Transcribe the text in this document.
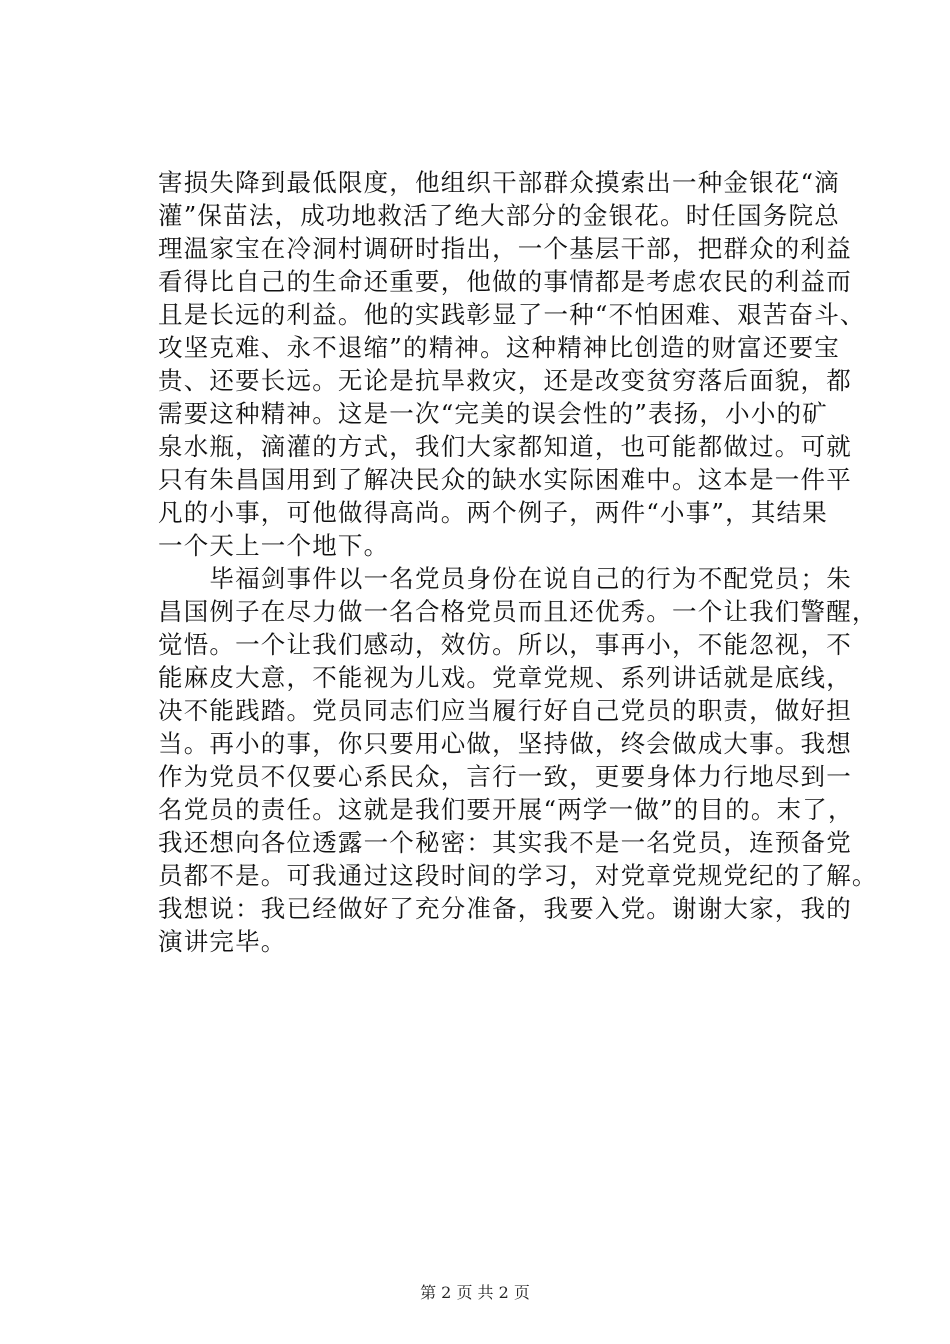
害损失降到最低限度，他组织干部群众摸索出一种金银花“滴
灌”保苗法，成功地救活了绝大部分的金银花。时任国务院总
理温家宝在冷洞村调研时指出，一个基层干部，把群众的利益
看得比自己的生命还重要，他做的事情都是考虑农民的利益而
且是长远的利益。他的实践彰显了一种“不怕困难、艰苦奋斗、
攻坚克难、永不退缩”的精神。这种精神比创造的财富还要宝
贵、还要长远。无论是抗旱救灾，还是改变贫穷落后面貌，都
需要这种精神。这是一次“完美的误会性的”表扬，小小的矿
泉水瓶，滴灌的方式，我们大家都知道，也可能都做过。可就
只有朱昌国用到了解决民众的缺水实际困难中。这本是一件平
凡的小事，可他做得高尚。两个例子，两件“小事”，其结果
一个天上一个地下。
　　毕福剑事件以一名党员身份在说自己的行为不配党员；朱
昌国例子在尽力做一名合格党员而且还优秀。一个让我们警醒，
觉悟。一个让我们感动，效仿。所以，事再小，不能忽视，不
能麻皮大意，不能视为儿戏。党章党规、系列讲话就是底线，
决不能践踏。党员同志们应当履行好自己党员的职责，做好担
当。再小的事，你只要用心做，坚持做，终会做成大事。我想
作为党员不仅要心系民众，言行一致，更要身体力行地尽到一
名党员的责任。这就是我们要开展“两学一做”的目的。末了，
我还想向各位透露一个秘密：其实我不是一名党员，连预备党
员都不是。可我通过这段时间的学习，对党章党规党纪的了解。
我想说：我已经做好了充分准备，我要入党。谢谢大家，我的
演讲完毕。
第 2 页 共 2 页
